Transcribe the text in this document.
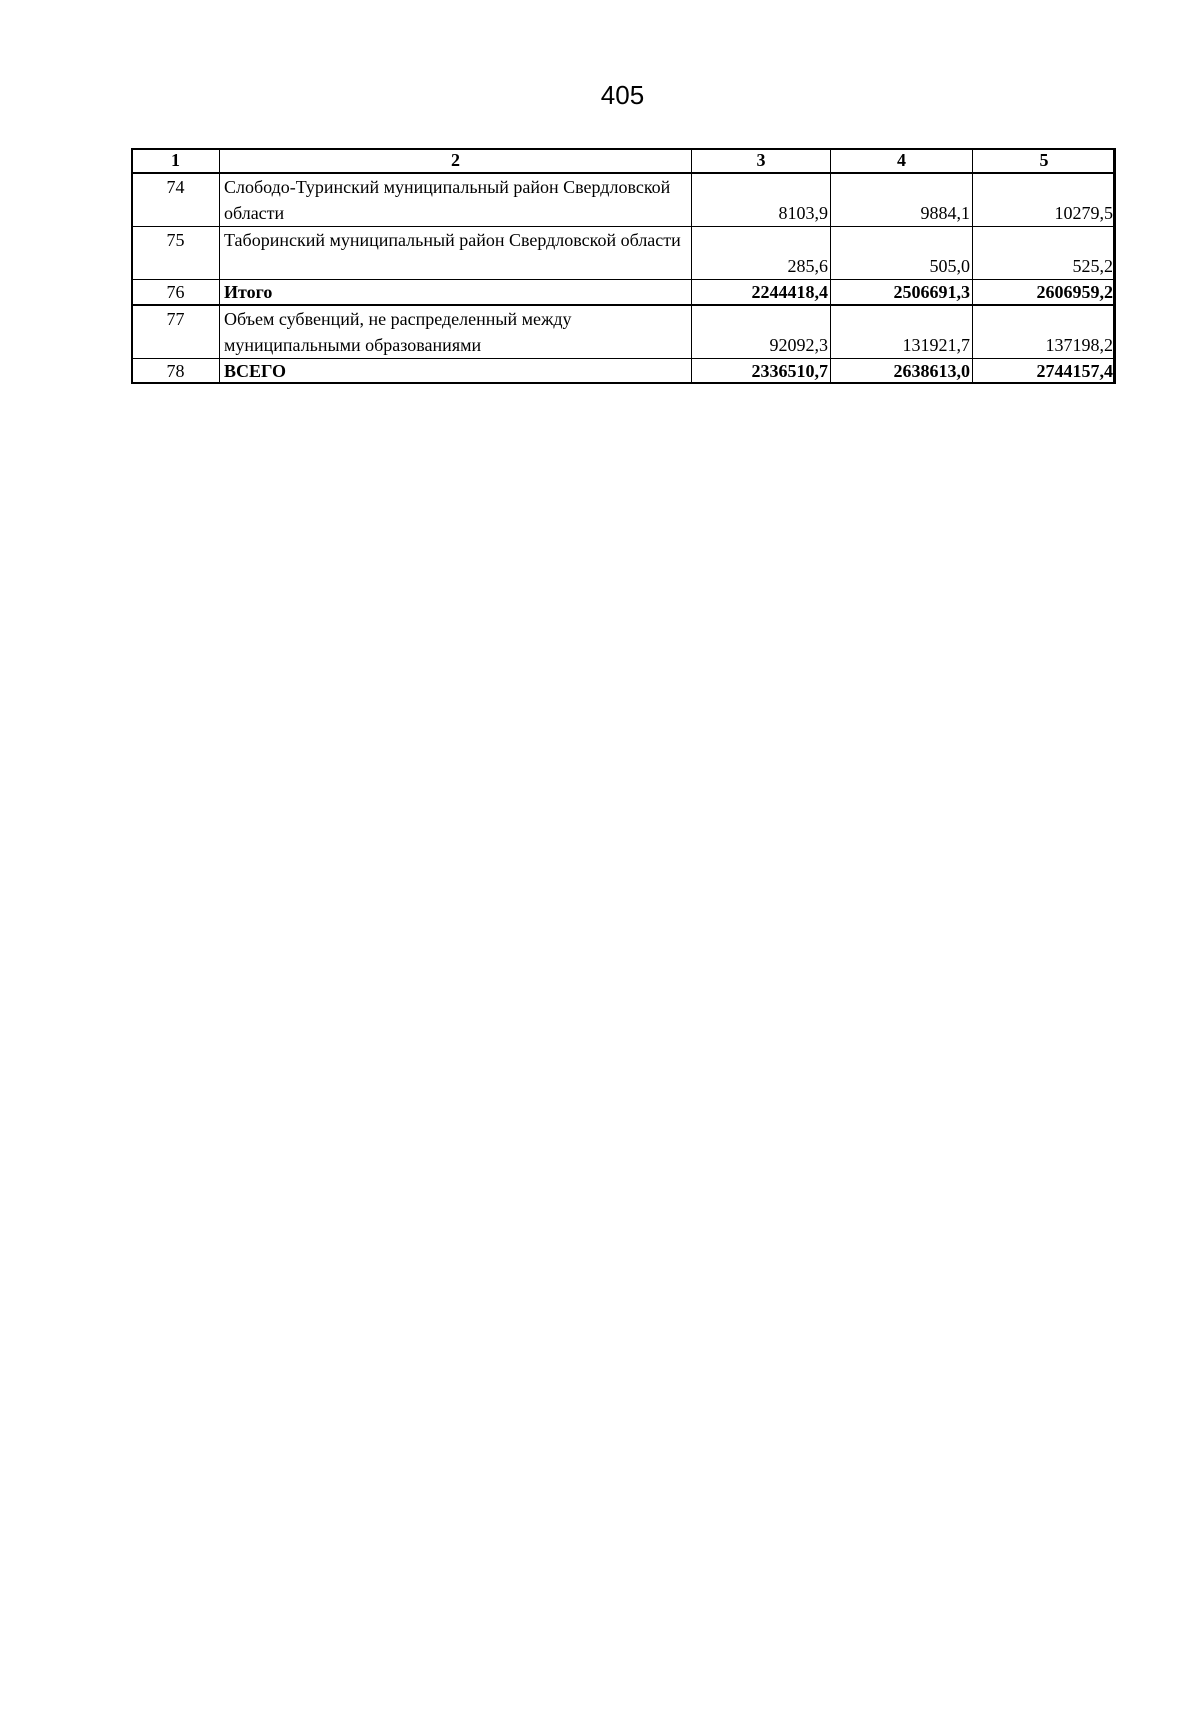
405
1	2	3	4	5
74	Слободо-Туринский муниципальный район Свердловской области	8103,9	9884,1	10279,5
75	Таборинский муниципальный район Свердловской области	285,6	505,0	525,2
76	Итого	2244418,4	2506691,3	2606959,2
77	Объем субвенций, не распределенный между муниципальными образованиями	92092,3	131921,7	137198,2
78	ВСЕГО	2336510,7	2638613,0	2744157,4
